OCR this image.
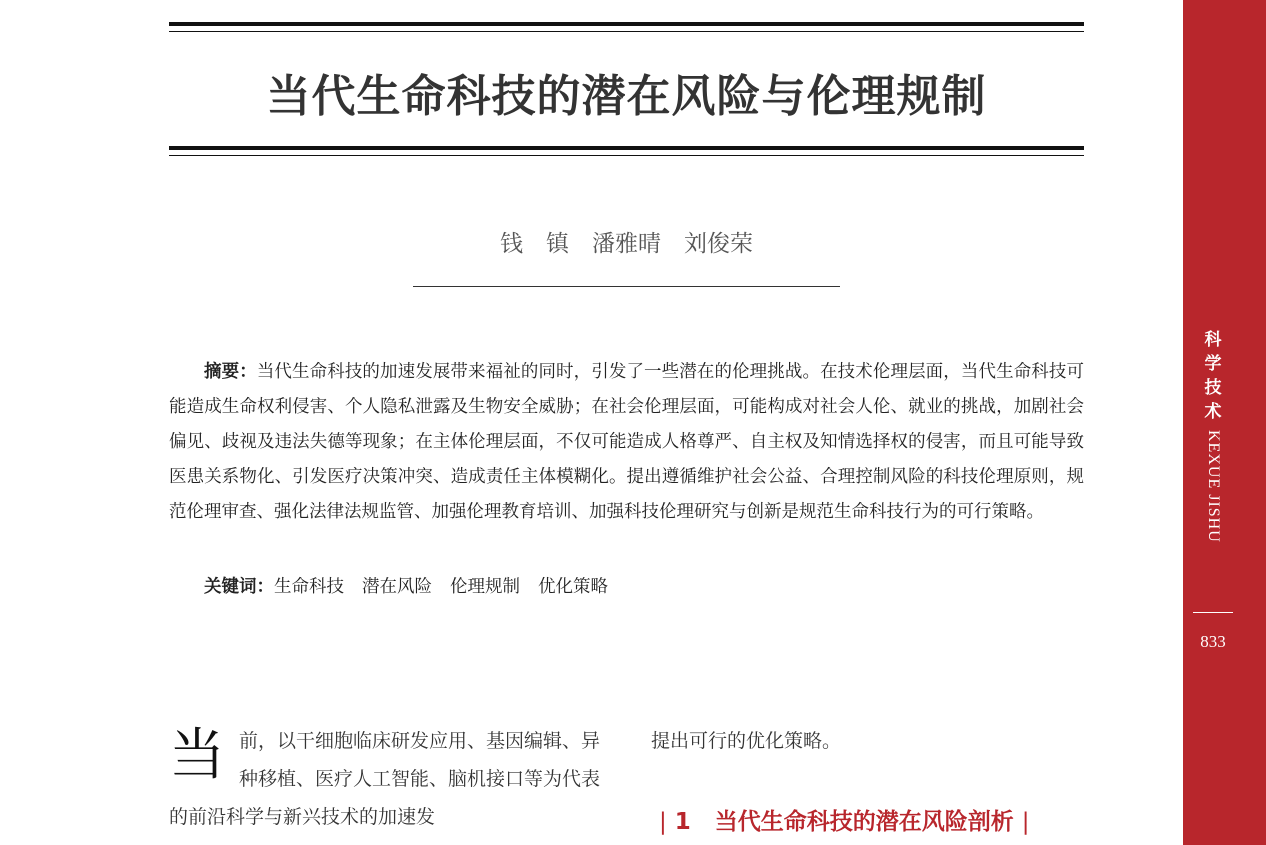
当代生命科技的潜在风险与伦理规制
钱　镇　潘雅晴　刘俊荣

摘要：当代生命科技的加速发展带来福祉的同时，引发了一些潜在的伦理挑战。在技术伦理层面，当代生命科技可能造成生命权利侵害、个人隐私泄露及生物安全威胁；在社会伦理层面，可能构成对社会人伦、就业的挑战，加剧社会偏见、歧视及违法失德等现象；在主体伦理层面，不仅可能造成人格尊严、自主权及知情选择权的侵害，而且可能导致医患关系物化、引发医疗决策冲突、造成责任主体模糊化。提出遵循维护社会公益、合理控制风险的科技伦理原则，规范伦理审查、强化法律法规监管、加强伦理教育培训、加强科技伦理研究与创新是规范生命科技行为的可行策略。

关键词：生命科技 潜在风险 伦理规制 优化策略

当前，以干细胞临床研发应用、基因编辑、异种移植、医疗人工智能、脑机接口等为代表的前沿科学与新兴技术的加速发

提出可行的优化策略。

| 1 当代生命科技的潜在风险剖析 |
科
学
技
术
KEXUE JISHU
833
